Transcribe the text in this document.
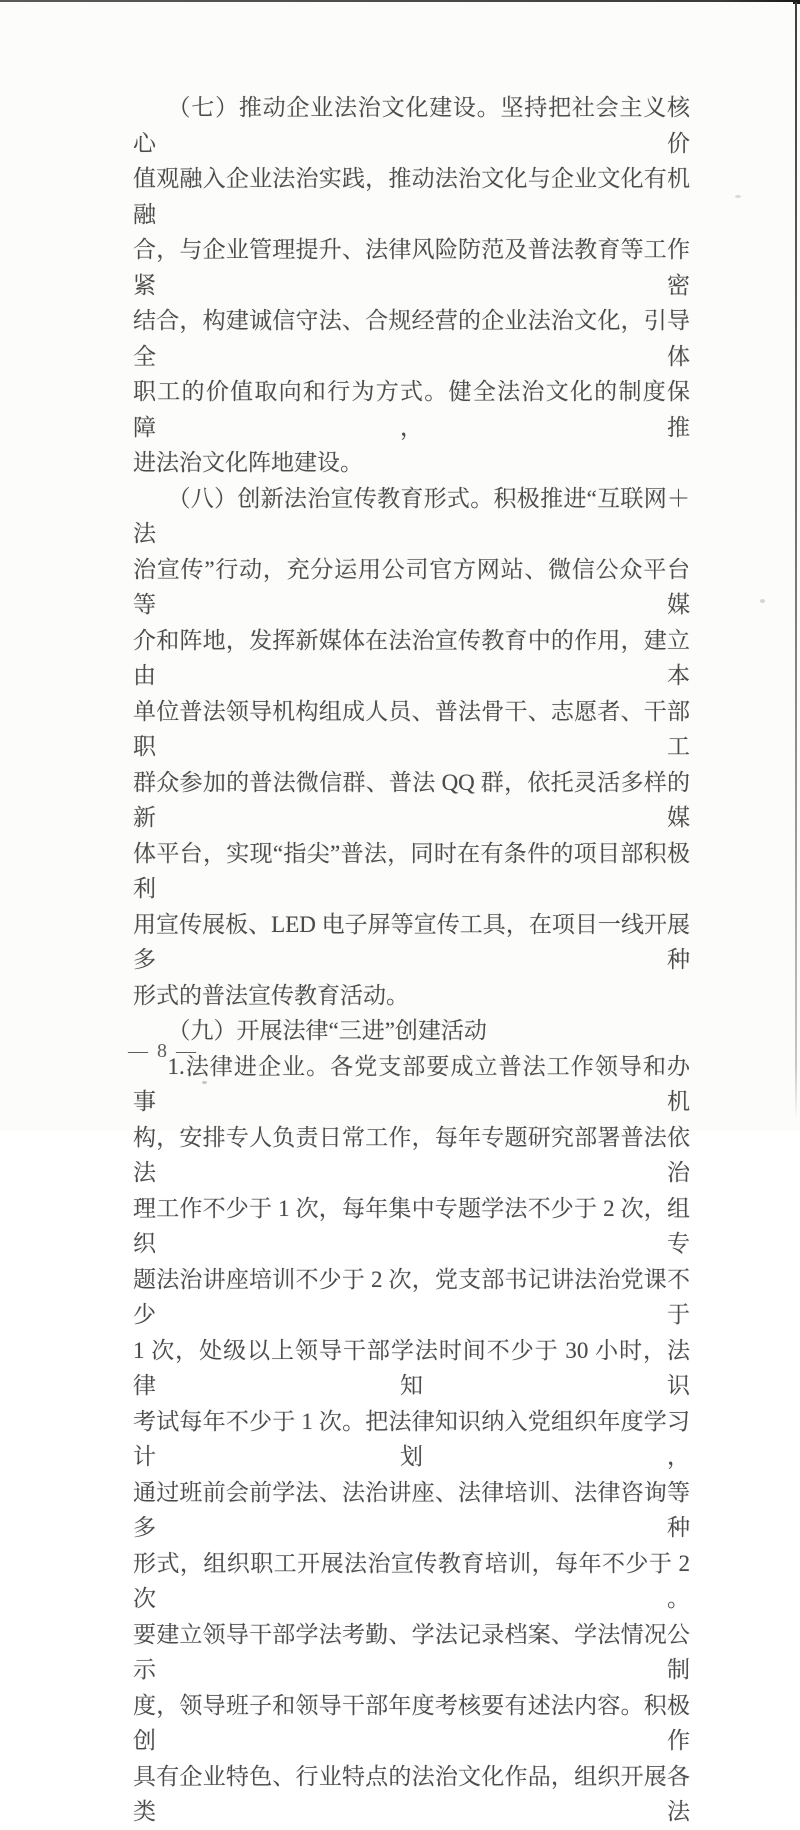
（七）推动企业法治文化建设。坚持把社会主义核心价

值观融入企业法治实践，推动法治文化与企业文化有机融

合，与企业管理提升、法律风险防范及普法教育等工作紧密

结合，构建诚信守法、合规经营的企业法治文化，引导全体

职工的价值取向和行为方式。健全法治文化的制度保障，推

进法治文化阵地建设。

（八）创新法治宣传教育形式。积极推进“互联网＋法

治宣传”行动，充分运用公司官方网站、微信公众平台等媒

介和阵地，发挥新媒体在法治宣传教育中的作用，建立由本

单位普法领导机构组成人员、普法骨干、志愿者、干部职工

群众参加的普法微信群、普法 QQ 群，依托灵活多样的新媒

体平台，实现“指尖”普法，同时在有条件的项目部积极利

用宣传展板、LED 电子屏等宣传工具，在项目一线开展多种

形式的普法宣传教育活动。

（九）开展法律“三进”创建活动

1.法律进企业。各党支部要成立普法工作领导和办事机

构，安排专人负责日常工作，每年专题研究部署普法依法治

理工作不少于 1 次，每年集中专题学法不少于 2 次，组织专

题法治讲座培训不少于 2 次，党支部书记讲法治党课不少于

1 次，处级以上领导干部学法时间不少于 30 小时，法律知识

考试每年不少于 1 次。把法律知识纳入党组织年度学习计划，

通过班前会前学法、法治讲座、法律培训、法律咨询等多种

形式，组织职工开展法治宣传教育培训，每年不少于 2 次。

要建立领导干部学法考勤、学法记录档案、学法情况公示制

度，领导班子和领导干部年度考核要有述法内容。积极创作

具有企业特色、行业特点的法治文化作品，组织开展各类法

— 8 —
